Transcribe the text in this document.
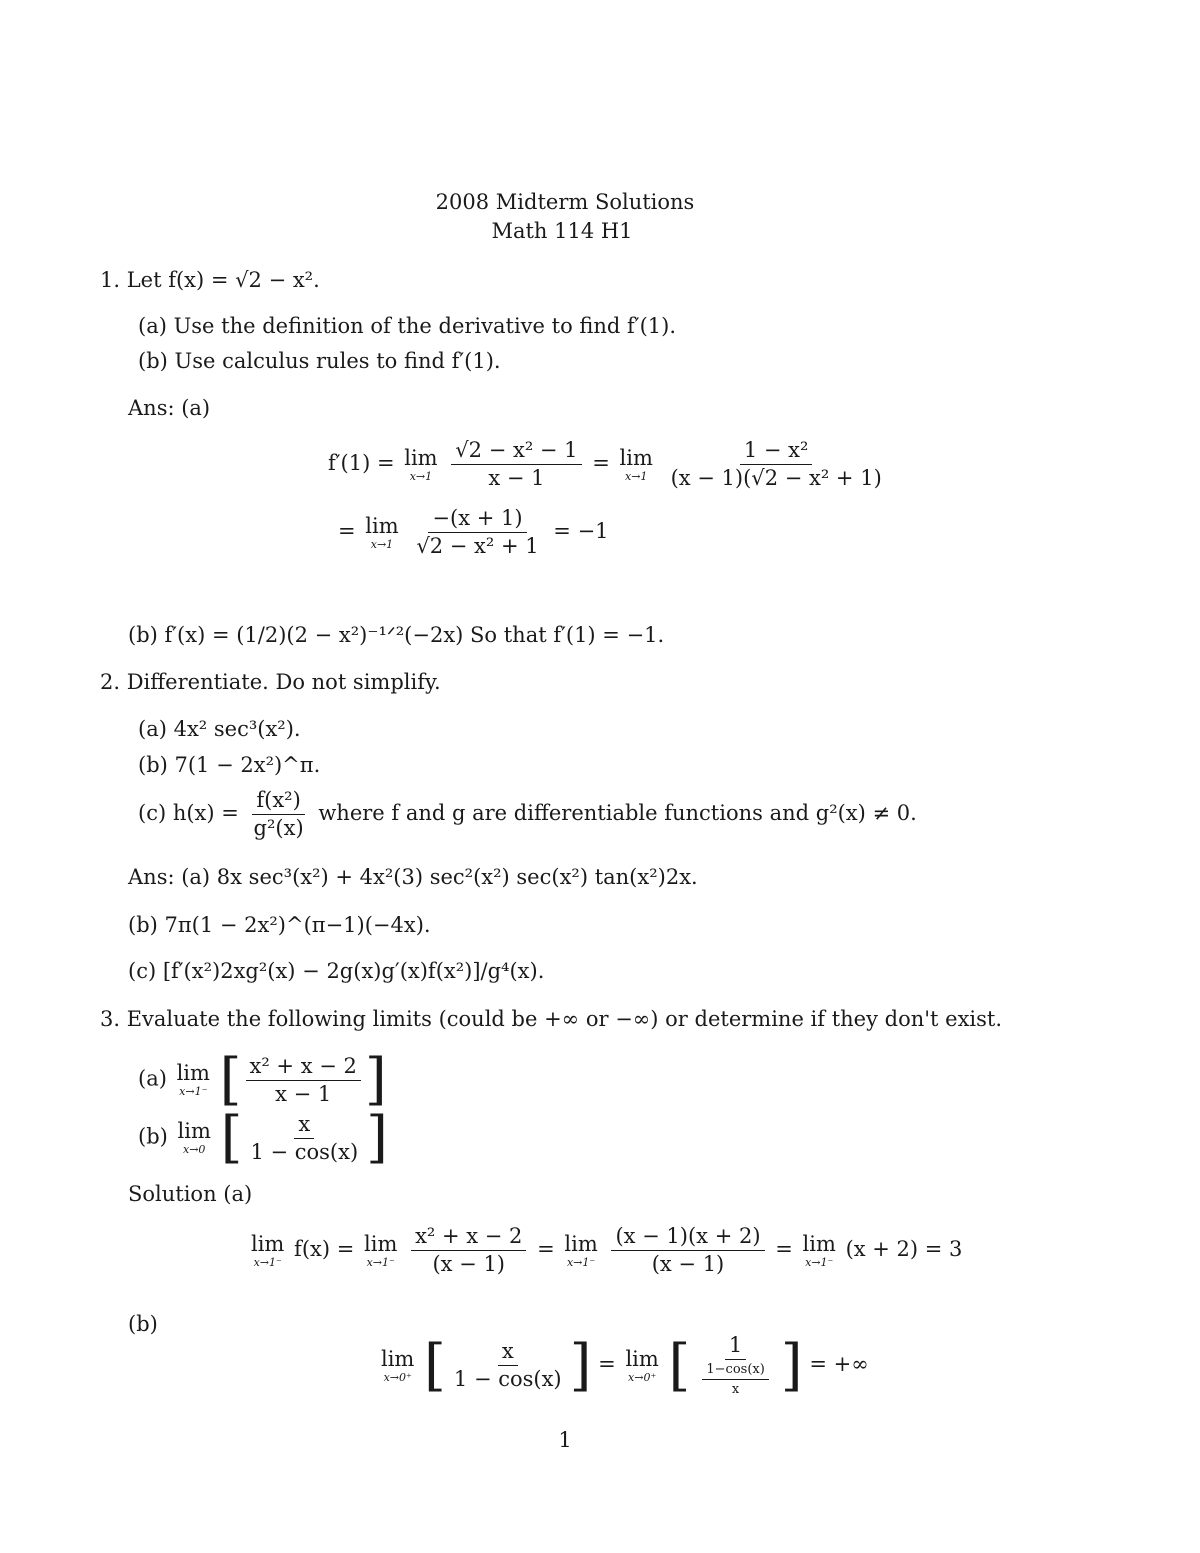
2008 Midterm Solutions
Math 114 H1
1. Let f(x) = √2 − x².
(a) Use the definition of the derivative to find f′(1).
(b) Use calculus rules to find f′(1).
Ans: (a)
f′(1) = lim
x→1
$\frac{\text{√2 − x² − 1}}{x - 1} = \lim$
x→1
$\frac{\text{1 − x²}}{\text{(x − 1)(√2 − x² + 1)}}$
= lim
x→1
$\frac{-(x + 1)}{\text{√2 − x² + 1}} = -1$
(b) f′(x) = (1/2)(2 − x²)⁻¹ᐟ²(−2x) So that f′(1) = −1.
2. Differentiate. Do not simplify.
(a) 4x² sec³(x²).
(b) 7(1 − 2x²)^π.
(c) $h(x) = \frac{\text{f(x²)}}{\text{g²(x)}}$ where f and g are differentiable functions and g²(x) ≠ 0.
Ans: (a) 8x sec³(x²) + 4x²(3) sec²(x²) sec(x²) tan(x²)2x.
(b) 7π(1 − 2x²)^(π−1)(−4x).
(c) [f′(x²)2xg²(x) − 2g(x)g′(x)f(x²)]/g⁴(x).
3. Evaluate the following limits (could be +∞ or −∞) or determine if they don't exist.
(a) lim
x→1⁻ [ $\frac{\text{x² + x − 2}}{x - 1}$ ]
(b) lim
x→0 [ $\frac{x}{1 - \cos(x)}$ ]
Solution (a)
lim
x→1⁻
f(x) = lim
x→1⁻
$\frac{\text{x² + x − 2}}{(x - 1)} = \lim$
x→1⁻
$\frac{(x - 1)(x + 2)}{(x - 1)} = \lim$
x→1⁻
(x + 2) = 3
(b)
lim
x→0⁺ [ $\frac{x}{1 - \cos(x)}$ ] = lim
x→0⁺ [ $\frac{1}{\frac{1-\cos(x)}{x}}$ ] = +∞
1
